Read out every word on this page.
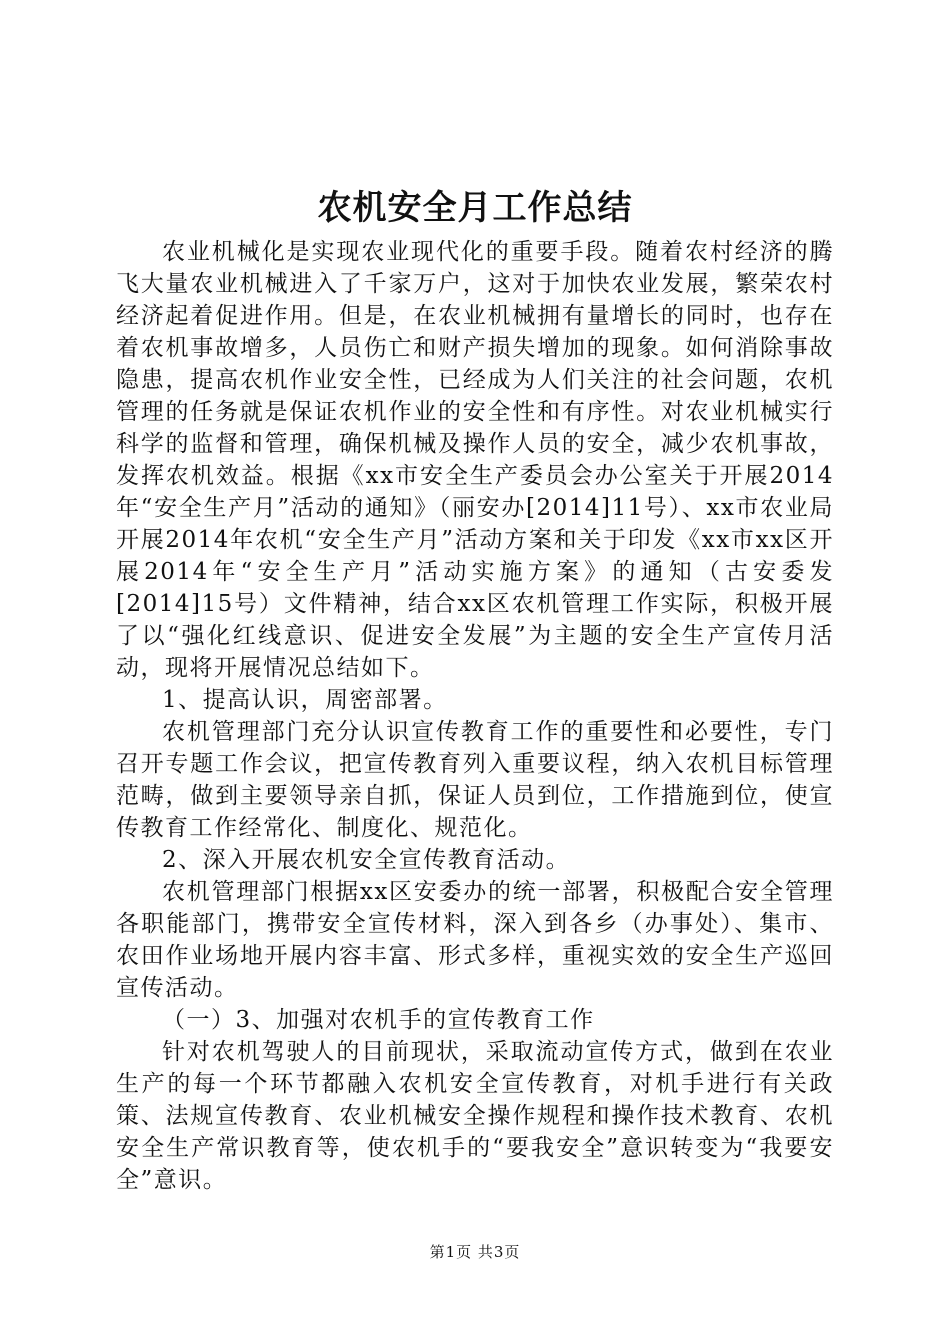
农机安全月工作总结

农业机械化是实现农业现代化的重要手段。随着农村经济的腾飞大量农业机械进入了千家万户，这对于加快农业发展，繁荣农村经济起着促进作用。但是，在农业机械拥有量增长的同时，也存在着农机事故增多，人员伤亡和财产损失增加的现象。如何消除事故隐患，提高农机作业安全性，已经成为人们关注的社会问题，农机管理的任务就是保证农机作业的安全性和有序性。对农业机械实行科学的监督和管理，确保机械及操作人员的安全，减少农机事故，发挥农机效益。根据《xx市安全生产委员会办公室关于开展2014年“安全生产月”活动的通知》（丽安办[2014]11号）、xx市农业局开展2014年农机“安全生产月”活动方案和关于印发《xx市xx区开展2014年“安全生产月”活动实施方案》的通知（古安委发[2014]15号）文件精神，结合xx区农机管理工作实际，积极开展了以“强化红线意识、促进安全发展”为主题的安全生产宣传月活动，现将开展情况总结如下。

1、提高认识，周密部署。

农机管理部门充分认识宣传教育工作的重要性和必要性，专门召开专题工作会议，把宣传教育列入重要议程，纳入农机目标管理范畴，做到主要领导亲自抓，保证人员到位，工作措施到位，使宣传教育工作经常化、制度化、规范化。

2、深入开展农机安全宣传教育活动。

农机管理部门根据xx区安委办的统一部署，积极配合安全管理各职能部门，携带安全宣传材料，深入到各乡（办事处）、集市、农田作业场地开展内容丰富、形式多样，重视实效的安全生产巡回宣传活动。

（一）3、加强对农机手的宣传教育工作

针对农机驾驶人的目前现状，采取流动宣传方式，做到在农业生产的每一个环节都融入农机安全宣传教育，对机手进行有关政策、法规宣传教育、农业机械安全操作规程和操作技术教育、农机安全生产常识教育等，使农机手的“要我安全”意识转变为“我要安全”意识。

第1页 共3页
